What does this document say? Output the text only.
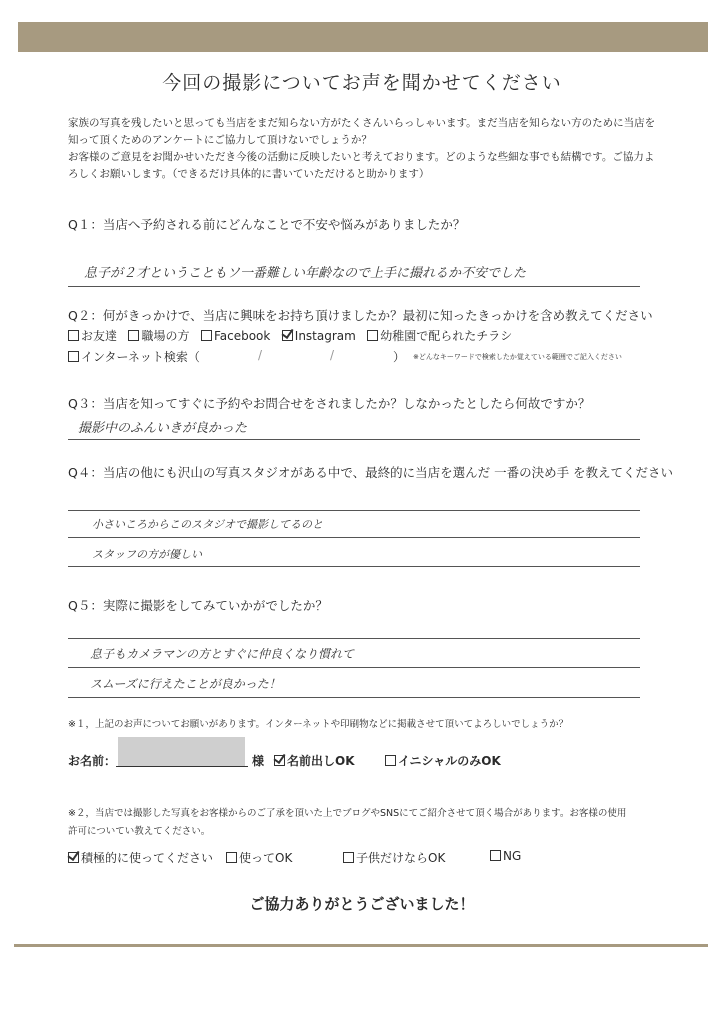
今回の撮影についてお声を聞かせてください
家族の写真を残したいと思っても当店をまだ知らない方がたくさんいらっしゃいます。まだ当店を知らない方のために当店を
知って頂くためのアンケートにご協力して頂けないでしょうか？
お客様のご意見をお聞かせいただき今後の活動に反映したいと考えております。どのような些細な事でも結構です。ご協力よ
ろしくお願いします。（できるだけ具体的に書いていただけると助かります）
Q１：当店へ予約される前にどんなことで不安や悩みがありましたか？
息子が２才ということもソ一番難しい年齢なので上手に撮れるか不安でした
Q２：何がきっかけで、当店に興味をお持ち頂けましたか？最初に知ったきっかけを含め教えてください
お友達 職場の方 Facebook Instagram 幼稚園で配られたチラシ
インターネット検索（	/	/	） ※どんなキーワードで検索したか覚えている範囲でご記入ください
Q３：当店を知ってすぐに予約やお問合せをされましたか？しなかったとしたら何故ですか？
撮影中のふんいきが良かった
Q４：当店の他にも沢山の写真スタジオがある中で、最終的に当店を選んだ 一番の決め手 を教えてください
小さいころからこのスタジオで撮影してるのと
スタッフの方が優しい
Q５：実際に撮影をしてみていかがでしたか？
息子もカメラマンの方とすぐに仲良くなり慣れて
スムーズに行えたことが良かった！
※１，上記のお声についてお願いがあります。インターネットや印刷物などに掲載させて頂いてよろしいでしょうか？
お名前：	様	名前出しOK	イニシャルのみOK
※２，当店では撮影した写真をお客様からのご了承を頂いた上でブログやSNSにてご紹介させて頂く場合があります。お客様の使用
許可についてい教えてください。
積極的に使ってください	使ってOK	子供だけならOK	NG
ご協力ありがとうございました！
